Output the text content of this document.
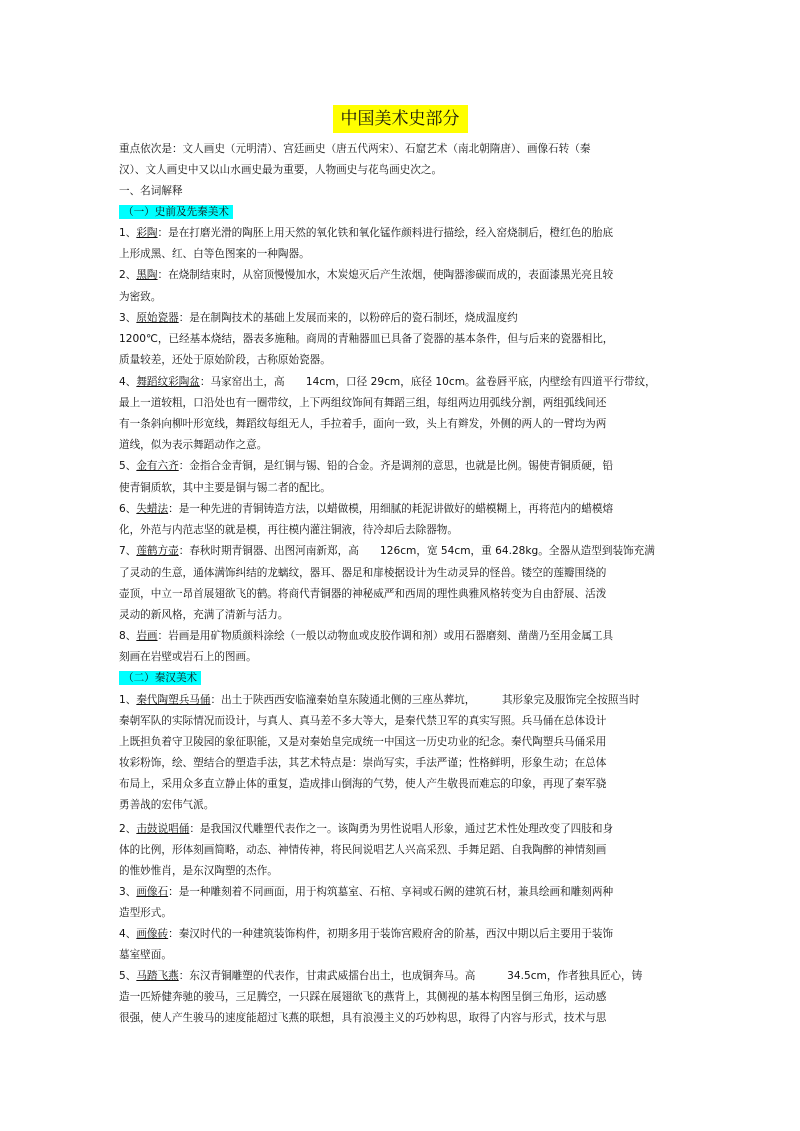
中国美术史部分
重点依次是：文人画史（元明清）、宫廷画史（唐五代两宋）、石窟艺术（南北朝隋唐）、画像石转（秦
汉）、文人画史中又以山水画史最为重要，人物画史与花鸟画史次之。
一、名词解释
（一）史前及先秦美术
1、彩陶：是在打磨光滑的陶胚上用天然的氧化铁和氧化锰作颜料进行描绘，经入窑烧制后，橙红色的胎底
上形成黑、红、白等色图案的一种陶器。
2、黑陶：在烧制结束时，从窑顶慢慢加水，木炭熄灭后产生浓烟，使陶器渗碳而成的，表面漆黑光亮且较
为密致。
3、原始瓷器：是在制陶技术的基础上发展而来的，以粉碎后的瓷石制坯，烧成温度约
1200℃，已经基本烧结，器表多施釉。商周的青釉器皿已具备了瓷器的基本条件，但与后来的瓷器相比，
质量较差，还处于原始阶段，古称原始瓷器。
4、舞蹈纹彩陶盆：马家窑出土，高　　14cm，口径 29cm，底径 10cm。盆卷唇平底，内壁绘有四道平行带纹，
最上一道较粗，口沿处也有一圈带纹，上下两组纹饰间有舞蹈三组，每组两边用弧线分割，两组弧线间还
有一条斜向柳叶形宽线，舞蹈纹每组无人，手拉着手，面向一致，头上有辫发，外侧的两人的一臂均为两
道线，似为表示舞蹈动作之意。
5、金有六齐：金指合金青铜，是红铜与锡、铅的合金。齐是调剂的意思，也就是比例。锡使青铜质硬，铅
使青铜质软，其中主要是铜与锡二者的配比。
6、失蜡法：是一种先进的青铜铸造方法，以蜡做模，用细腻的耗泥讲做好的蜡模糊上，再将范内的蜡模熔
化，外范与内范志坚的就是模，再往模内灌注铜液，待冷却后去除器物。
7、莲鹤方壶：春秋时期青铜器、出图河南新郑，高　　126cm，宽 54cm，重 64.28kg。全器从造型到装饰充满
了灵动的生意，通体满饰纠结的龙螭纹，器耳、器足和扉棱据设计为生动灵异的怪兽。镂空的莲瓣围绕的
壶顶，中立一昂首展翅欲飞的鹤。将商代青铜器的神秘威严和西周的理性典雅风格转变为自由舒展、活泼
灵动的新风格，充满了清新与活力。
8、岩画：岩画是用矿物质颜料涂绘（一般以动物血或皮胶作调和剂）或用石器磨刻、凿凿乃至用金属工具
刻画在岩壁或岩石上的图画。
（二）秦汉美术
1、秦代陶塑兵马俑：出土于陕西西安临潼秦始皇东陵通北侧的三座丛葬坑，　　　其形象完及服饰完全按照当时
秦朝军队的实际情况而设计，与真人、真马差不多大等大，是秦代禁卫军的真实写照。兵马俑在总体设计
上既担负着守卫陵园的象征职能，又是对秦始皇完成统一中国这一历史功业的纪念。秦代陶塑兵马俑采用
妆彩粉饰，绘、塑结合的塑造手法，其艺术特点是：崇尚写实，手法严谨；性格鲜明，形象生动；在总体
布局上，采用众多直立静止体的重复，造成排山倒海的气势，使人产生敬畏而难忘的印象，再现了秦军骁
勇善战的宏伟气派。
2、击鼓说唱俑：是我国汉代雕塑代表作之一。该陶勇为男性说唱人形象，通过艺术性处理改变了四肢和身
体的比例，形体刻画简略，动态、神情传神，将民间说唱艺人兴高采烈、手舞足蹈、自我陶醉的神情刻画
的惟妙惟肖，是东汉陶塑的杰作。
3、画像石：是一种雕刻着不同画面，用于构筑墓室、石棺、享祠或石阙的建筑石材，兼具绘画和雕刻两种
造型形式。
4、画像砖：秦汉时代的一种建筑装饰构件，初期多用于装饰宫殿府舍的阶基，西汉中期以后主要用于装饰
墓室壁面。
5、马踏飞燕：东汉青铜雕塑的代表作，甘肃武威擂台出土，也成铜奔马。高　　　34.5cm，作者独具匠心，铸
造一匹矫健奔驰的骏马，三足腾空，一只踩在展翅欲飞的燕背上，其侧视的基本构图呈倒三角形，运动感
很强，使人产生骏马的速度能超过飞燕的联想，具有浪漫主义的巧妙构思，取得了内容与形式，技术与思
